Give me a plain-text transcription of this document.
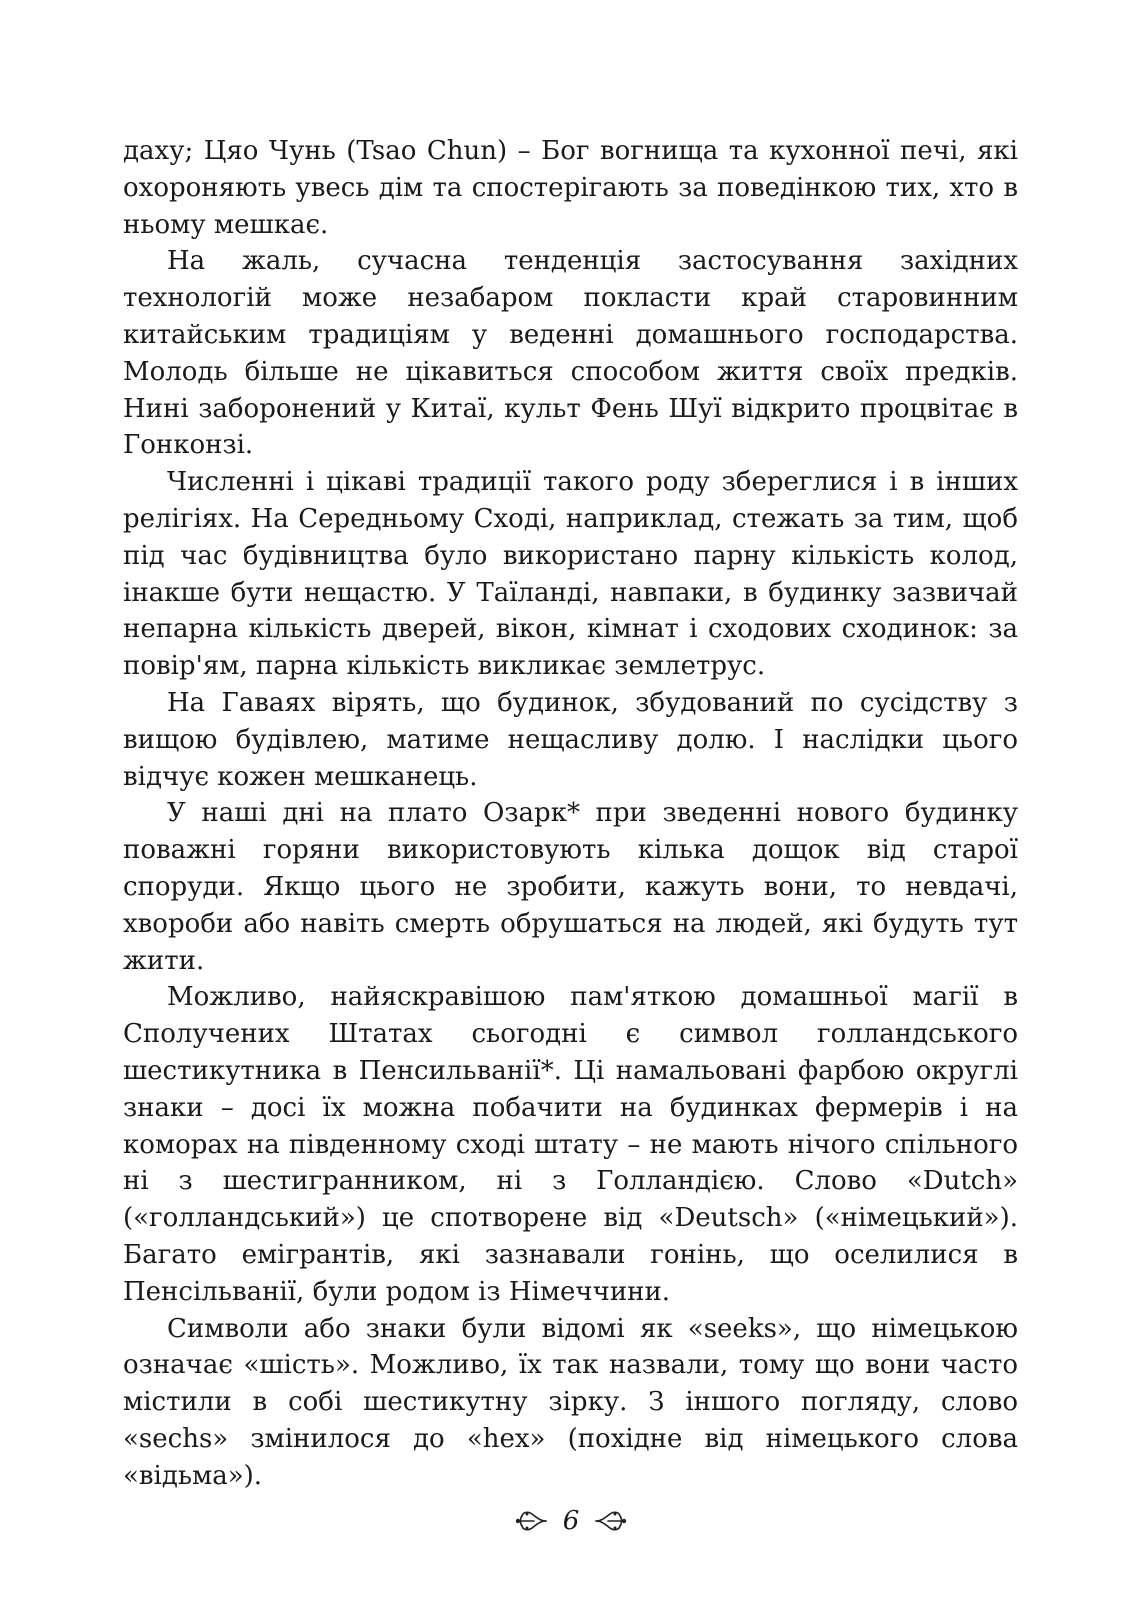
даху; Цяо Чунь (Tsao Chun) – Бог вогнища та кухонної печі, які охороняють увесь дім та спостерігають за поведінкою тих, хто в ньому мешкає.

На жаль, сучасна тенденція застосування західних технологій може незабаром покласти край старовинним китайським традиціям у веденні домашнього господарства. Молодь більше не цікавиться способом життя своїх предків. Нині заборонений у Китаї, культ Фень Шуї відкрито процвітає в Гонконзі.

Численні і цікаві традиції такого роду збереглися і в інших релігіях. На Середньому Сході, наприклад, стежать за тим, щоб під час будівництва було використано парну кількість колод, інакше бути нещастю. У Таїланді, навпаки, в будинку зазвичай непарна кількість дверей, вікон, кімнат і сходових сходинок: за повір'ям, парна кількість викликає землетрус.

На Гаваях вірять, що будинок, збудований по сусідству з вищою будівлею, матиме нещасливу долю. І наслідки цього відчує кожен мешканець.

У наші дні на плато Озарк* при зведенні нового будинку поважні горяни використовують кілька дощок від старої споруди. Якщо цього не зробити, кажуть вони, то невдачі, хвороби або навіть смерть обрушаться на людей, які будуть тут жити.

Можливо, найяскравішою пам'яткою домашньої магії в Сполучених Штатах сьогодні є символ голландського шестикутника в Пенсильванії*. Ці намальовані фарбою округлі знаки – досі їх можна побачити на будинках фермерів і на коморах на південному сході штату – не мають нічого спільного ні з шестигранником, ні з Голландією. Слово «Dutch» («голландський») це спотворене від «Deutsch» («німецький»). Багато емігрантів, які зазнавали гонінь, що оселилися в Пенсільванії, були родом із Німеччини.

Символи або знаки були відомі як «seeks», що німецькою означає «шість». Можливо, їх так назвали, тому що вони часто містили в собі шестикутну зірку. З іншого погляду, слово «sechs» змінилося до «hex» (похідне від німецького слова «відьма»).

6
